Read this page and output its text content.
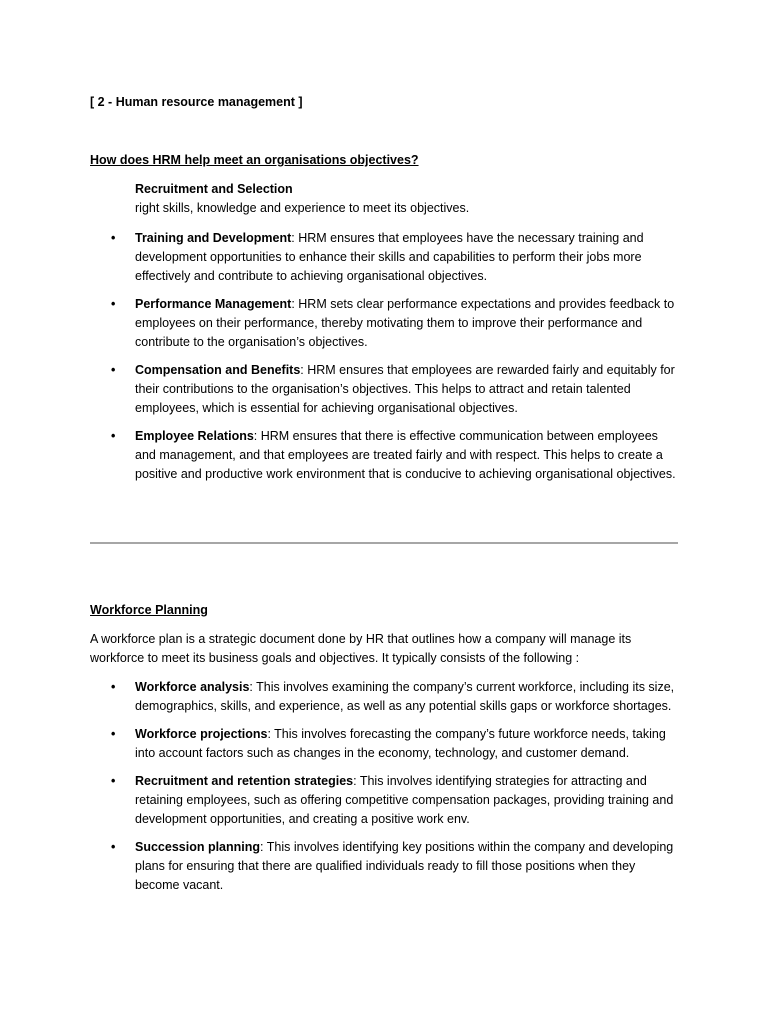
[ 2 - Human resource management ]

How does HRM help meet an organisations objectives?

Recruitment and Selection
right skills, knowledge and experience to meet its objectives.
• Training and Development: HRM ensures that employees have the necessary training and development opportunities to enhance their skills and capabilities to perform their jobs more effectively and contribute to achieving organisational objectives.
• Performance Management: HRM sets clear performance expectations and provides feedback to employees on their performance, thereby motivating them to improve their performance and contribute to the organisation’s objectives.
• Compensation and Benefits: HRM ensures that employees are rewarded fairly and equitably for their contributions to the organisation’s objectives. This helps to attract and retain talented employees, which is essential for achieving organisational objectives.
• Employee Relations: HRM ensures that there is effective communication between employees and management, and that employees are treated fairly and with respect. This helps to create a positive and productive work environment that is conducive to achieving organisational objectives.

Workforce Planning

A workforce plan is a strategic document done by HR that outlines how a company will manage its workforce to meet its business goals and objectives. It typically consists of the following :

• Workforce analysis: This involves examining the company’s current workforce, including its size, demographics, skills, and experience, as well as any potential skills gaps or workforce shortages.
• Workforce projections: This involves forecasting the company’s future workforce needs, taking into account factors such as changes in the economy, technology, and customer demand.
• Recruitment and retention strategies: This involves identifying strategies for attracting and retaining employees, such as offering competitive compensation packages, providing training and development opportunities, and creating a positive work env.
• Succession planning: This involves identifying key positions within the company and developing plans for ensuring that there are qualified individuals ready to fill those positions when they become vacant.
